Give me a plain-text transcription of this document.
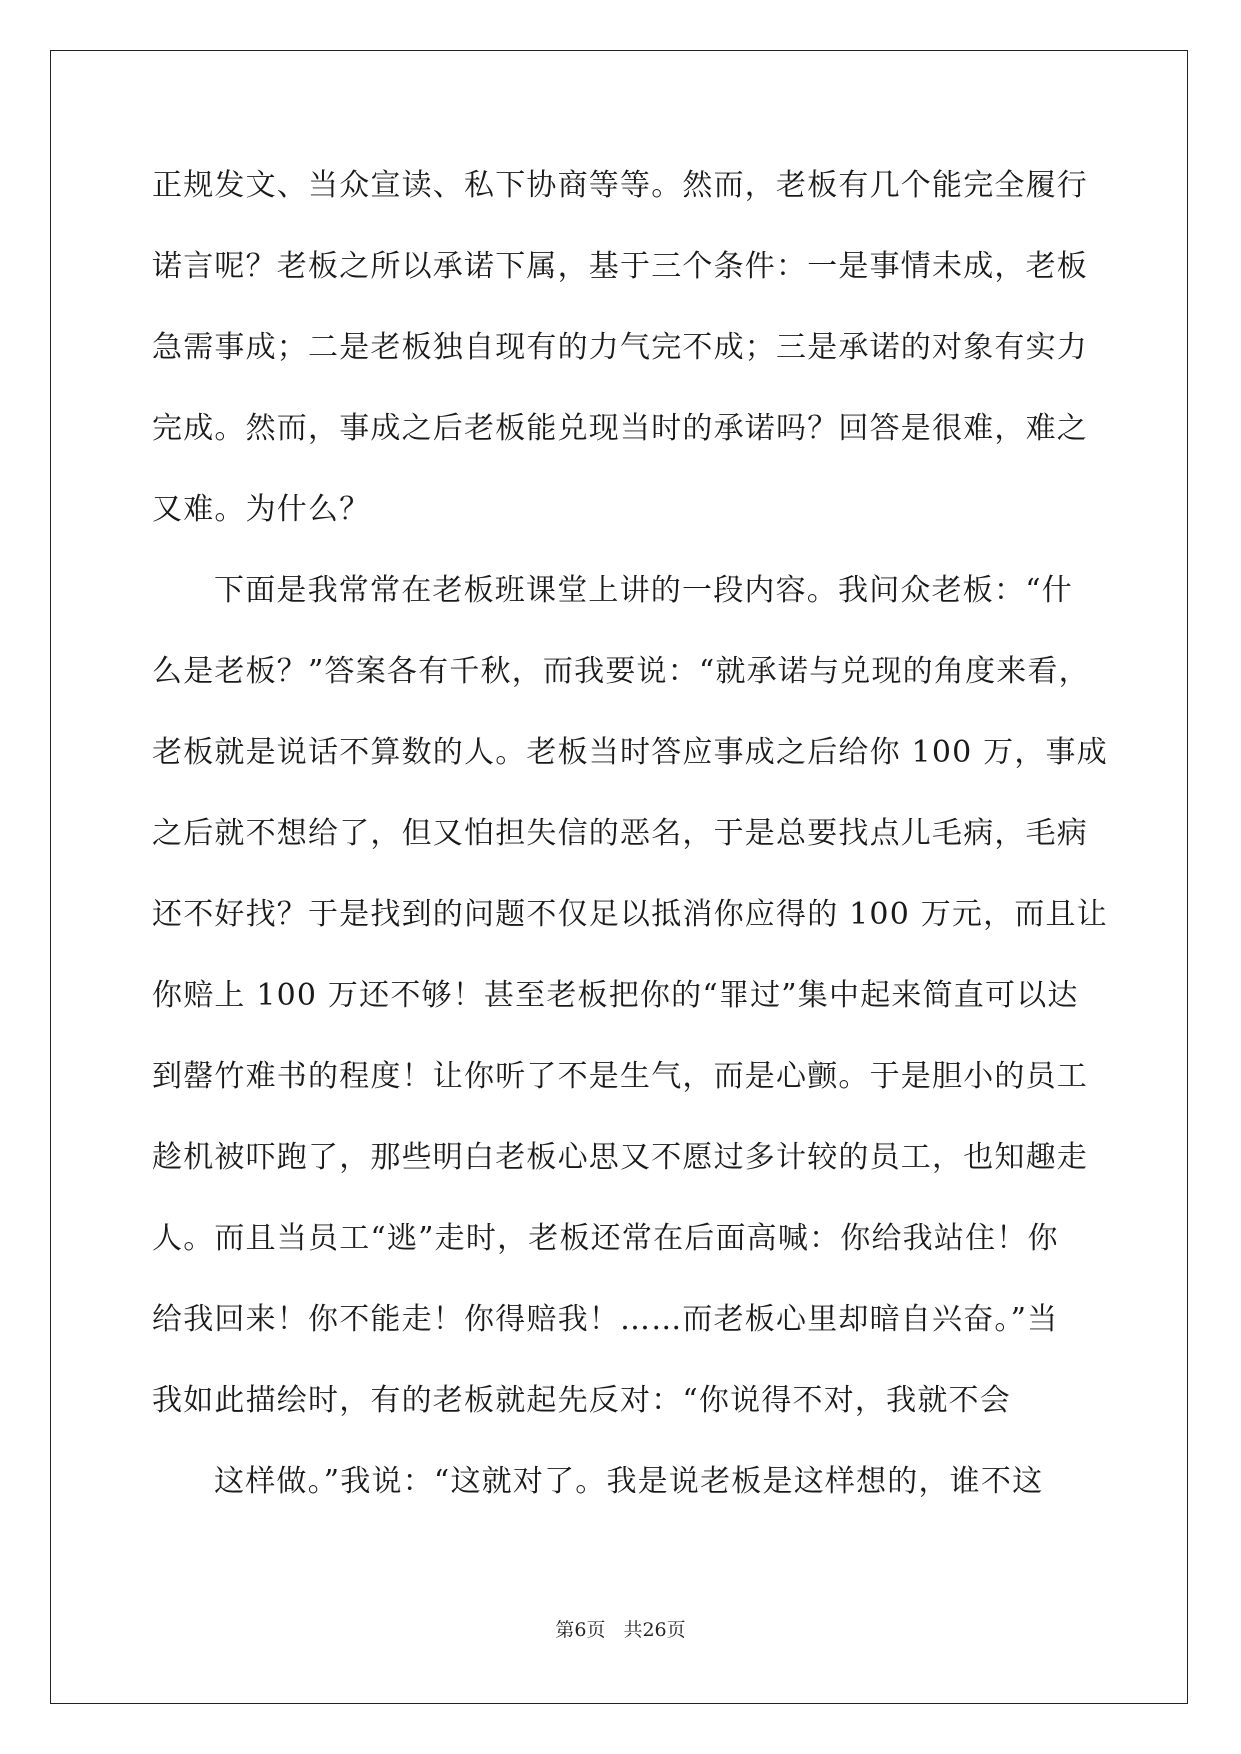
正规发文、当众宣读、私下协商等等。然而，老板有几个能完全履行
诺言呢？老板之所以承诺下属，基于三个条件：一是事情未成，老板
急需事成；二是老板独自现有的力气完不成；三是承诺的对象有实力
完成。然而，事成之后老板能兑现当时的承诺吗？回答是很难，难之
又难。为什么？
下面是我常常在老板班课堂上讲的一段内容。我问众老板：“什
么是老板？”答案各有千秋，而我要说：“就承诺与兑现的角度来看，
老板就是说话不算数的人。老板当时答应事成之后给你 100 万，事成
之后就不想给了，但又怕担失信的恶名，于是总要找点儿毛病，毛病
还不好找？于是找到的问题不仅足以抵消你应得的 100 万元，而且让
你赔上 100 万还不够！甚至老板把你的“罪过”集中起来简直可以达
到罄竹难书的程度！让你听了不是生气，而是心颤。于是胆小的员工
趁机被吓跑了，那些明白老板心思又不愿过多计较的员工，也知趣走
人。而且当员工“逃”走时，老板还常在后面高喊：你给我站住！你
给我回来！你不能走！你得赔我！……而老板心里却暗自兴奋。”当
我如此描绘时，有的老板就起先反对：“你说得不对，我就不会
这样做。”我说：“这就对了。我是说老板是这样想的，谁不这
第6页 共26页
